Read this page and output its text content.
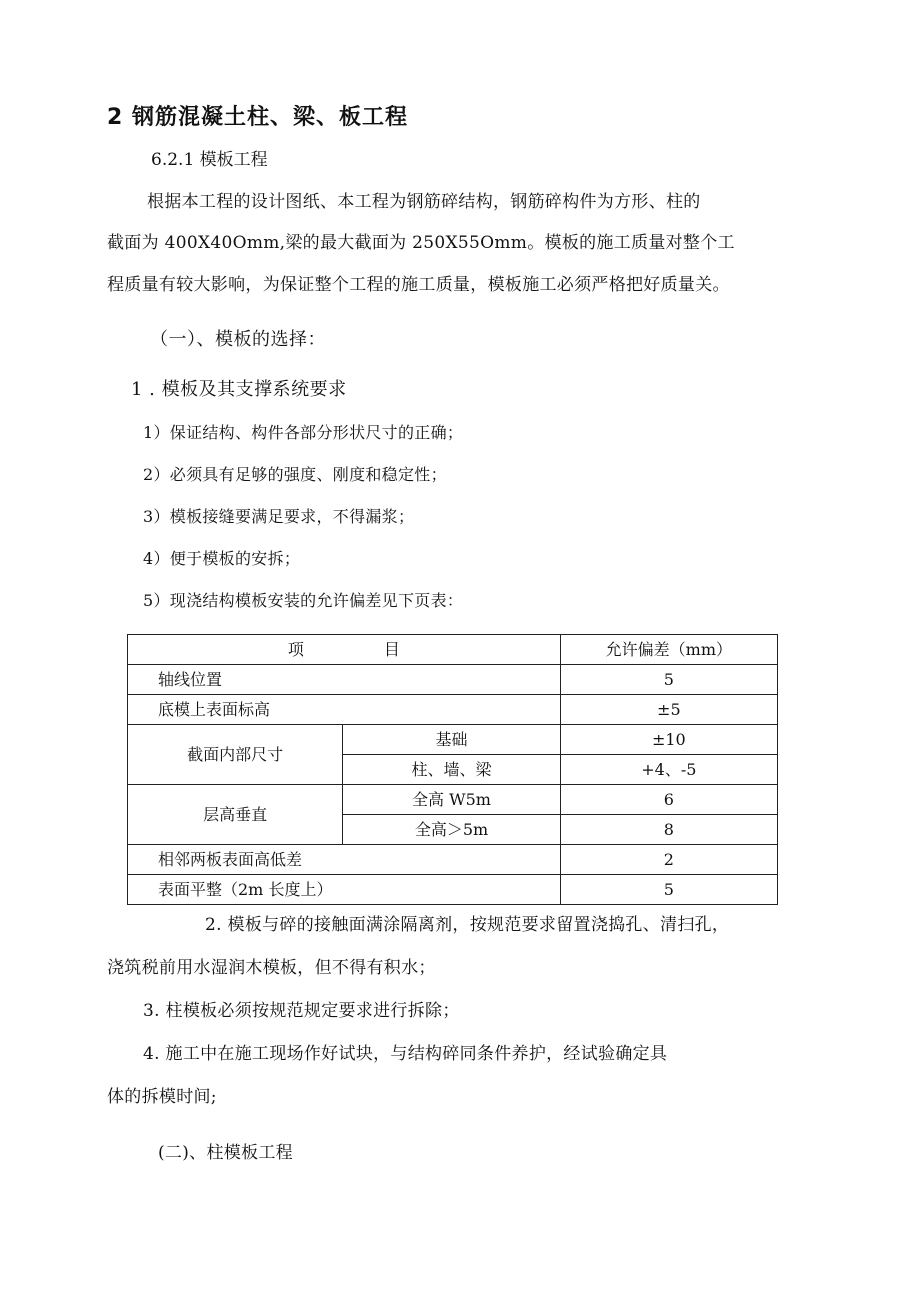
2 钢筋混凝土柱、梁、板工程
6.2.1 模板工程
根据本工程的设计图纸、本工程为钢筋碎结构，钢筋碎构件为方形、柱的
截面为 400X40Omm,梁的最大截面为 250X55Omm。模板的施工质量对整个工
程质量有较大影响，为保证整个工程的施工质量，模板施工必须严格把好质量关。
（一）、模板的选择：
1 . 模板及其支撑系统要求
1）保证结构、构件各部分形状尺寸的正确；
2）必须具有足够的强度、刚度和稳定性；
3）模板接缝要满足要求，不得漏浆；
4）便于模板的安拆；
5）现浇结构模板安装的允许偏差见下页表：
项　　　　　目		允许偏差（mm）
轴线位置		5
底模上表面标高		±5
截面内部尺寸	基础	±10
	柱、墙、梁	+4、-5
层高垂直	全高 W5m	6
	全高＞5m	8
相邻两板表面高低差		2
表面平整（2m 长度上）		5
2. 模板与碎的接触面满涂隔离剂，按规范要求留置浇捣孔、清扫孔，
浇筑税前用水湿润木模板，但不得有积水；
3. 柱模板必须按规范规定要求进行拆除；
4. 施工中在施工现场作好试块，与结构碎同条件养护，经试验确定具
体的拆模时间;
(二)、柱模板工程
